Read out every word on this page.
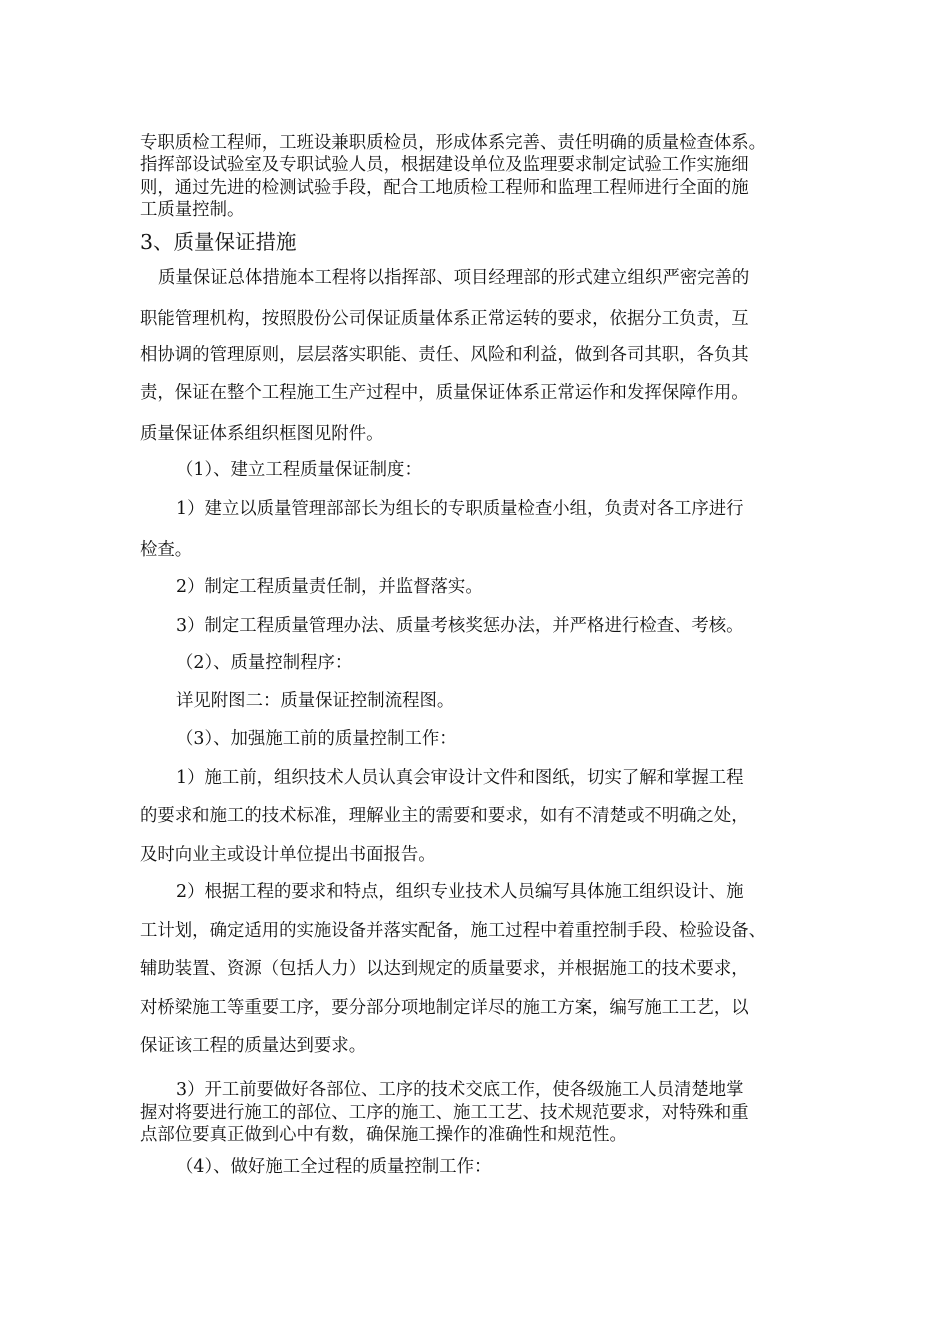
专职质检工程师，工班设兼职质检员，形成体系完善、责任明确的质量检查体系。
指挥部设试验室及专职试验人员，根据建设单位及监理要求制定试验工作实施细
则，通过先进的检测试验手段，配合工地质检工程师和监理工程师进行全面的施
工质量控制。
3、质量保证措施
质量保证总体措施本工程将以指挥部、项目经理部的形式建立组织严密完善的
职能管理机构，按照股份公司保证质量体系正常运转的要求，依据分工负责，互
相协调的管理原则，层层落实职能、责任、风险和利益，做到各司其职，各负其
责，保证在整个工程施工生产过程中，质量保证体系正常运作和发挥保障作用。
质量保证体系组织框图见附件。
（1）、建立工程质量保证制度：
1）建立以质量管理部部长为组长的专职质量检查小组，负责对各工序进行
检查。
2）制定工程质量责任制，并监督落实。
3）制定工程质量管理办法、质量考核奖惩办法，并严格进行检查、考核。
（2）、质量控制程序：
详见附图二：质量保证控制流程图。
（3）、加强施工前的质量控制工作：
1）施工前，组织技术人员认真会审设计文件和图纸，切实了解和掌握工程
的要求和施工的技术标准，理解业主的需要和要求，如有不清楚或不明确之处，
及时向业主或设计单位提出书面报告。
2）根据工程的要求和特点，组织专业技术人员编写具体施工组织设计、施
工计划，确定适用的实施设备并落实配备，施工过程中着重控制手段、检验设备、
辅助装置、资源（包括人力）以达到规定的质量要求，并根据施工的技术要求，
对桥梁施工等重要工序，要分部分项地制定详尽的施工方案，编写施工工艺，以
保证该工程的质量达到要求。
3）开工前要做好各部位、工序的技术交底工作，使各级施工人员清楚地掌
握对将要进行施工的部位、工序的施工、施工工艺、技术规范要求，对特殊和重
点部位要真正做到心中有数，确保施工操作的准确性和规范性。
（4）、做好施工全过程的质量控制工作：
